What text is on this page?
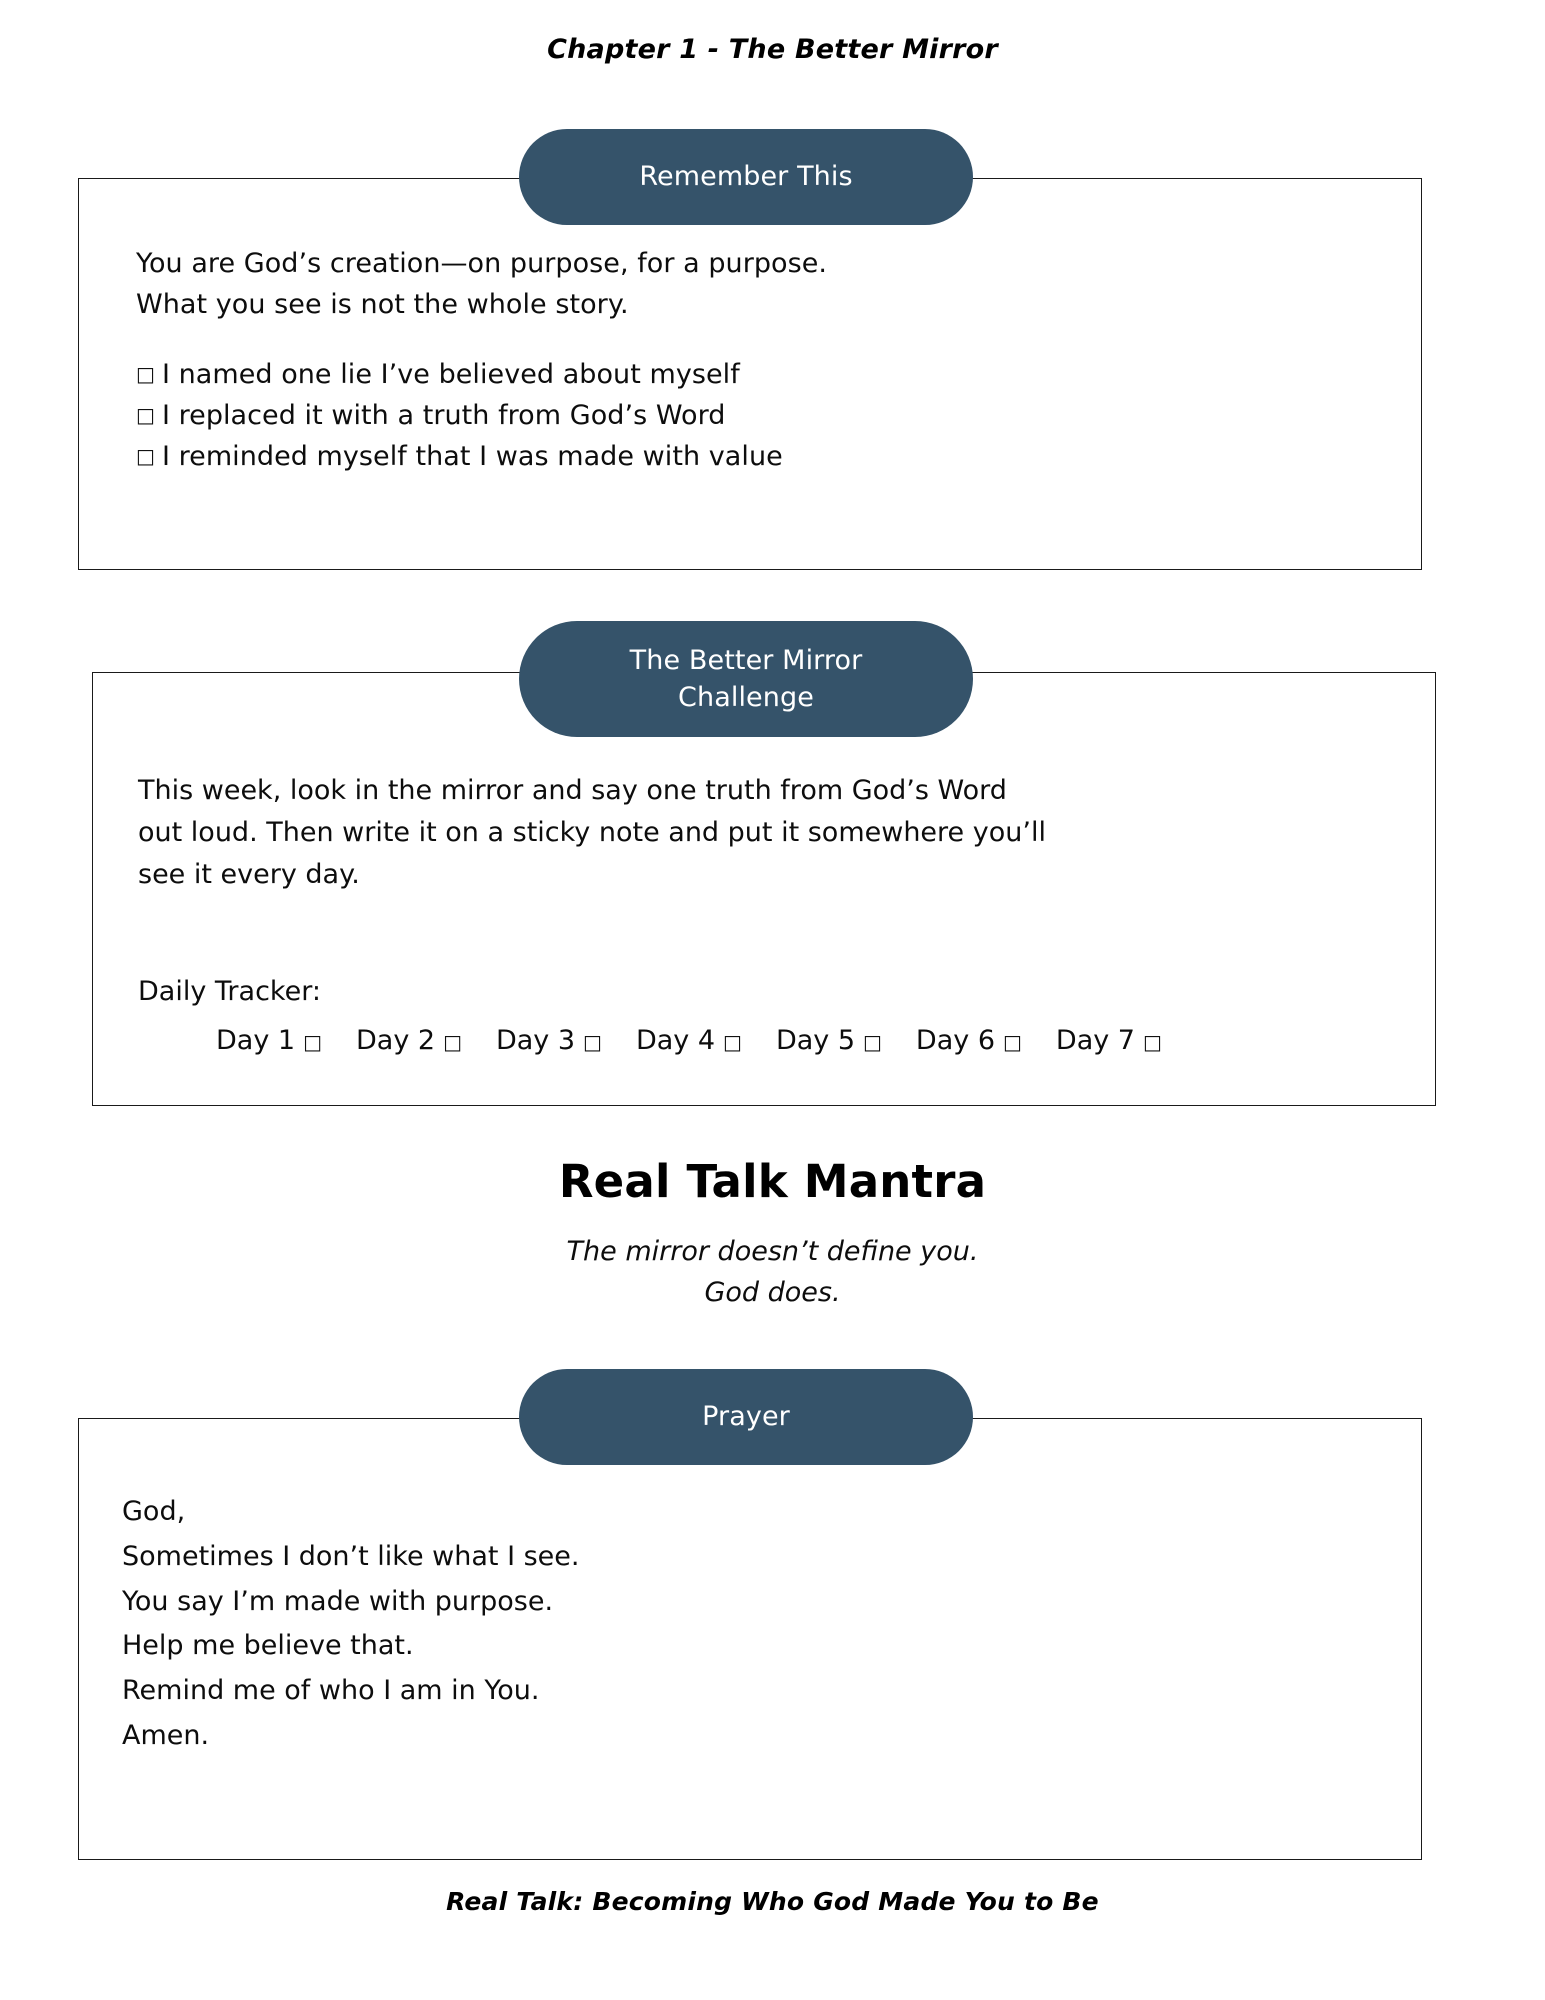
Chapter 1 - The Better Mirror
Remember This

You are God’s creation—on purpose, for a purpose.

What you see is not the whole story.

□ I named one lie I’ve believed about myself
□ I replaced it with a truth from God’s Word
□ I reminded myself that I was made with value
The Better Mirror
Challenge

This week, look in the mirror and say one truth from God’s Word out loud. Then write it on a sticky note and put it somewhere you’ll see it every day.

Daily Tracker:
Day 1 □ Day 2 □ Day 3 □ Day 4 □ Day 5 □ Day 6 □ Day 7 □
Real Talk Mantra

The mirror doesn’t define you.

God does.

Prayer

God,

Sometimes I don’t like what I see.

You say I’m made with purpose.

Help me believe that.

Remind me of who I am in You.

Amen.

Real Talk: Becoming Who God Made You to Be
